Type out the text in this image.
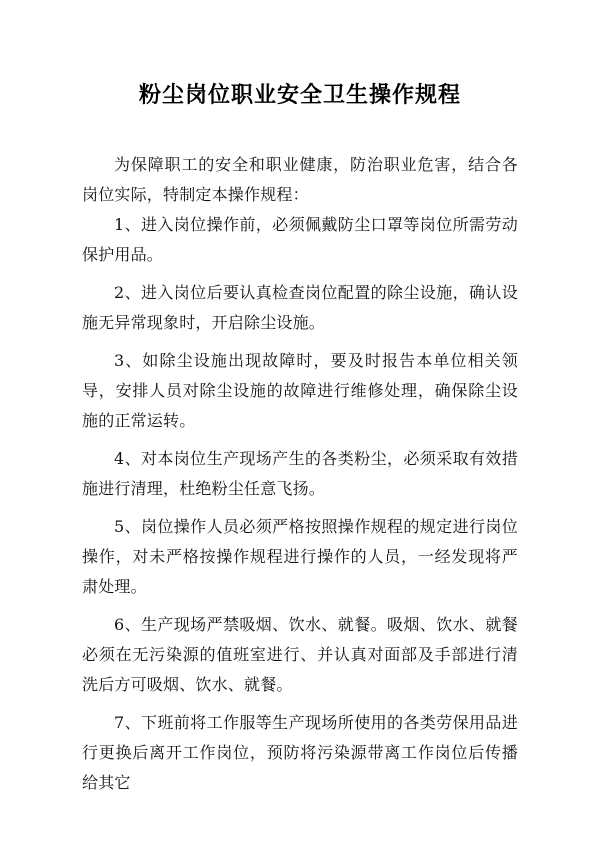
粉尘岗位职业安全卫生操作规程

为保障职工的安全和职业健康，防治职业危害，结合各岗位实际，特制定本操作规程：

1、进入岗位操作前，必须佩戴防尘口罩等岗位所需劳动保护用品。

2、进入岗位后要认真检查岗位配置的除尘设施，确认设施无异常现象时，开启除尘设施。

3、如除尘设施出现故障时，要及时报告本单位相关领导，安排人员对除尘设施的故障进行维修处理，确保除尘设施的正常运转。

4、对本岗位生产现场产生的各类粉尘，必须采取有效措施进行清理，杜绝粉尘任意飞扬。

5、岗位操作人员必须严格按照操作规程的规定进行岗位操作，对未严格按操作规程进行操作的人员，一经发现将严肃处理。

6、生产现场严禁吸烟、饮水、就餐。吸烟、饮水、就餐必须在无污染源的值班室进行、并认真对面部及手部进行清洗后方可吸烟、饮水、就餐。

7、下班前将工作服等生产现场所使用的各类劳保用品进行更换后离开工作岗位，预防将污染源带离工作岗位后传播给其它
